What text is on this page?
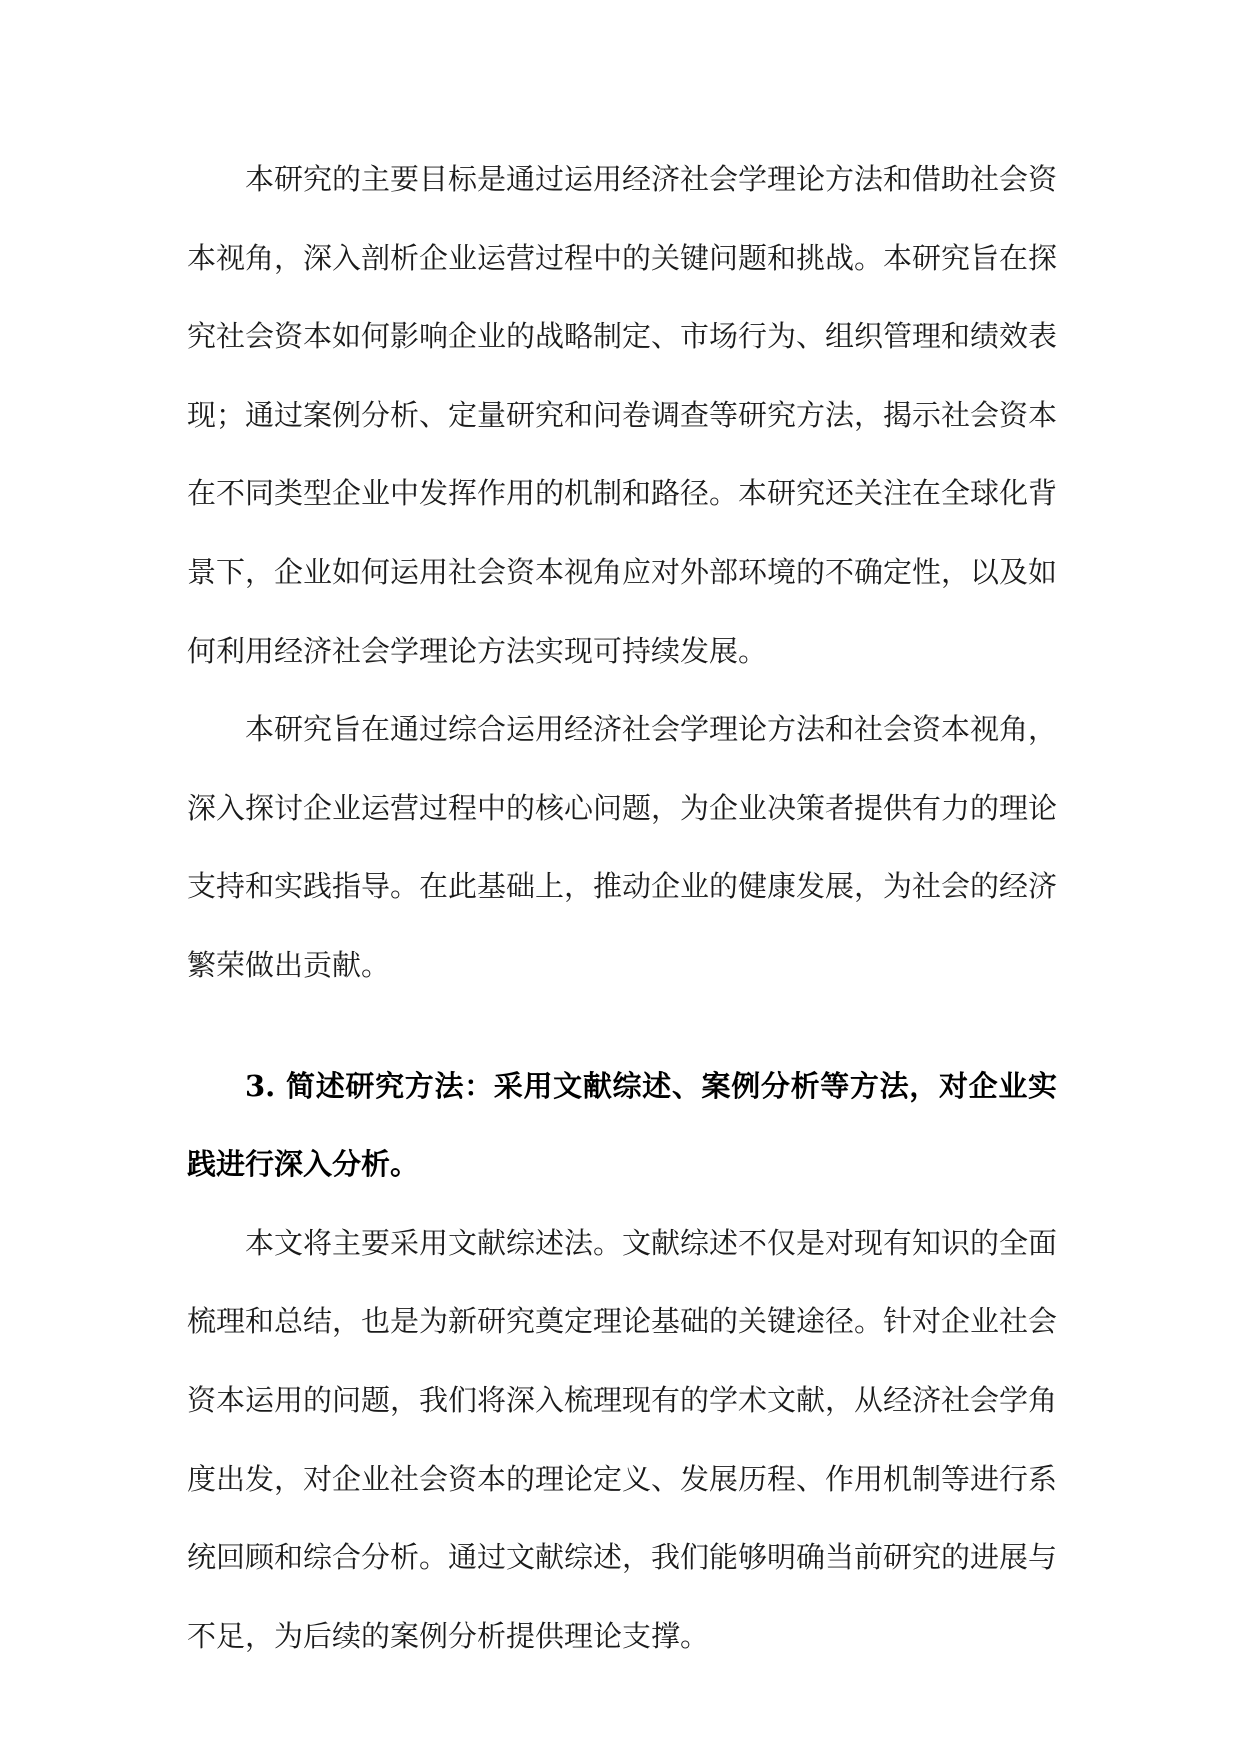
本研究的主要目标是通过运用经济社会学理论方法和借助社会资本视角，深入剖析企业运营过程中的关键问题和挑战。本研究旨在探究社会资本如何影响企业的战略制定、市场行为、组织管理和绩效表现；通过案例分析、定量研究和问卷调查等研究方法，揭示社会资本在不同类型企业中发挥作用的机制和路径。本研究还关注在全球化背景下，企业如何运用社会资本视角应对外部环境的不确定性，以及如何利用经济社会学理论方法实现可持续发展。

本研究旨在通过综合运用经济社会学理论方法和社会资本视角，深入探讨企业运营过程中的核心问题，为企业决策者提供有力的理论支持和实践指导。在此基础上，推动企业的健康发展，为社会的经济繁荣做出贡献。

3. 简述研究方法：采用文献综述、案例分析等方法，对企业实践进行深入分析。

本文将主要采用文献综述法。文献综述不仅是对现有知识的全面梳理和总结，也是为新研究奠定理论基础的关键途径。针对企业社会资本运用的问题，我们将深入梳理现有的学术文献，从经济社会学角度出发，对企业社会资本的理论定义、发展历程、作用机制等进行系统回顾和综合分析。通过文献综述，我们能够明确当前研究的进展与不足，为后续的案例分析提供理论支撑。
